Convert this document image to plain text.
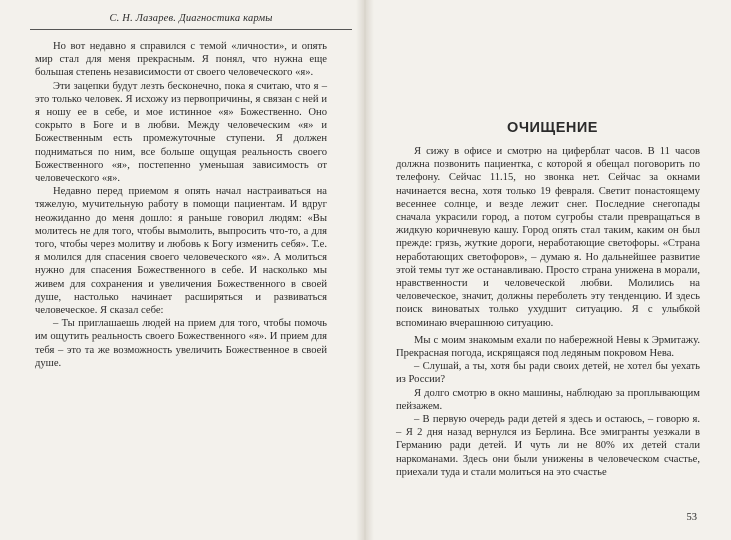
С. Н. Лазарев. Диагностика кармы

Но вот недавно я справился с темой «личности», и опять мир стал для меня прекрасным. Я понял, что нужна еще большая степень независимости от своего человеческого «я».

Эти зацепки будут лезть бесконечно, пока я считаю, что я – это только человек. Я исхожу из первопричины, я связан с ней и я ношу ее в себе, и мое истинное «я» Божественно. Оно сокрыто в Боге и в любви. Между человеческим «я» и Божественным есть промежуточные ступени. Я должен подниматься по ним, все больше ощущая реальность своего Божественного «я», постепенно уменьшая зависимость от человеческого «я».

Недавно перед приемом я опять начал настраиваться на тяжелую, мучительную работу в помощи пациентам. И вдруг неожиданно до меня дошло: я раньше говорил людям: «Вы молитесь не для того, чтобы вымолить, выпросить что-то, а для того, чтобы через молитву и любовь к Богу изменить себя». Т.е. я молился для спасения своего человеческого «я». А молиться нужно для спасения Божественного в себе. И насколько мы живем для сохранения и увеличения Божественного в своей душе, настолько начинает расширяться и развиваться человеческое. Я сказал себе:

– Ты приглашаешь людей на прием для того, чтобы помочь им ощутить реальность своего Божественного «я». И прием для тебя – это та же возможность увеличить Божественное в своей душе.

ОЧИЩЕНИЕ

Я сижу в офисе и смотрю на циферблат часов. В 11 часов должна позвонить пациентка, с которой я обещал поговорить по телефону. Сейчас 11.15, но звонка нет. Сейчас за окнами начинается весна, хотя только 19 февраля. Светит понастоящему весеннее солнце, и везде лежит снег. Последние снегопады сначала украсили город, а потом сугробы стали превращаться в жидкую коричневую кашу. Город опять стал таким, каким он был прежде: грязь, жуткие дороги, неработающие светофоры. «Страна неработающих светофоров», – думаю я. Но дальнейшее развитие этой темы тут же останавливаю. Просто страна унижена в морали, нравственности и человеческой любви. Молились на человеческое, значит, должны переболеть эту тенденцию. И здесь поиск виноватых только ухудшит ситуацию. Я с улыбкой вспоминаю вчерашнюю ситуацию.

Мы с моим знакомым ехали по набережной Невы к Эрмитажу. Прекрасная погода, искрящаяся под ледяным покровом Нева.

– Слушай, а ты, хотя бы ради своих детей, не хотел бы уехать из России?

Я долго смотрю в окно машины, наблюдаю за проплывающим пейзажем.

– В первую очередь ради детей я здесь и остаюсь, – говорю я. – Я 2 дня назад вернулся из Берлина. Все эмигранты уезжали в Германию ради детей. И чуть ли не 80% их детей стали наркоманами. Здесь они были унижены в человеческом счастье, приехали туда и стали молиться на это счастье

53
